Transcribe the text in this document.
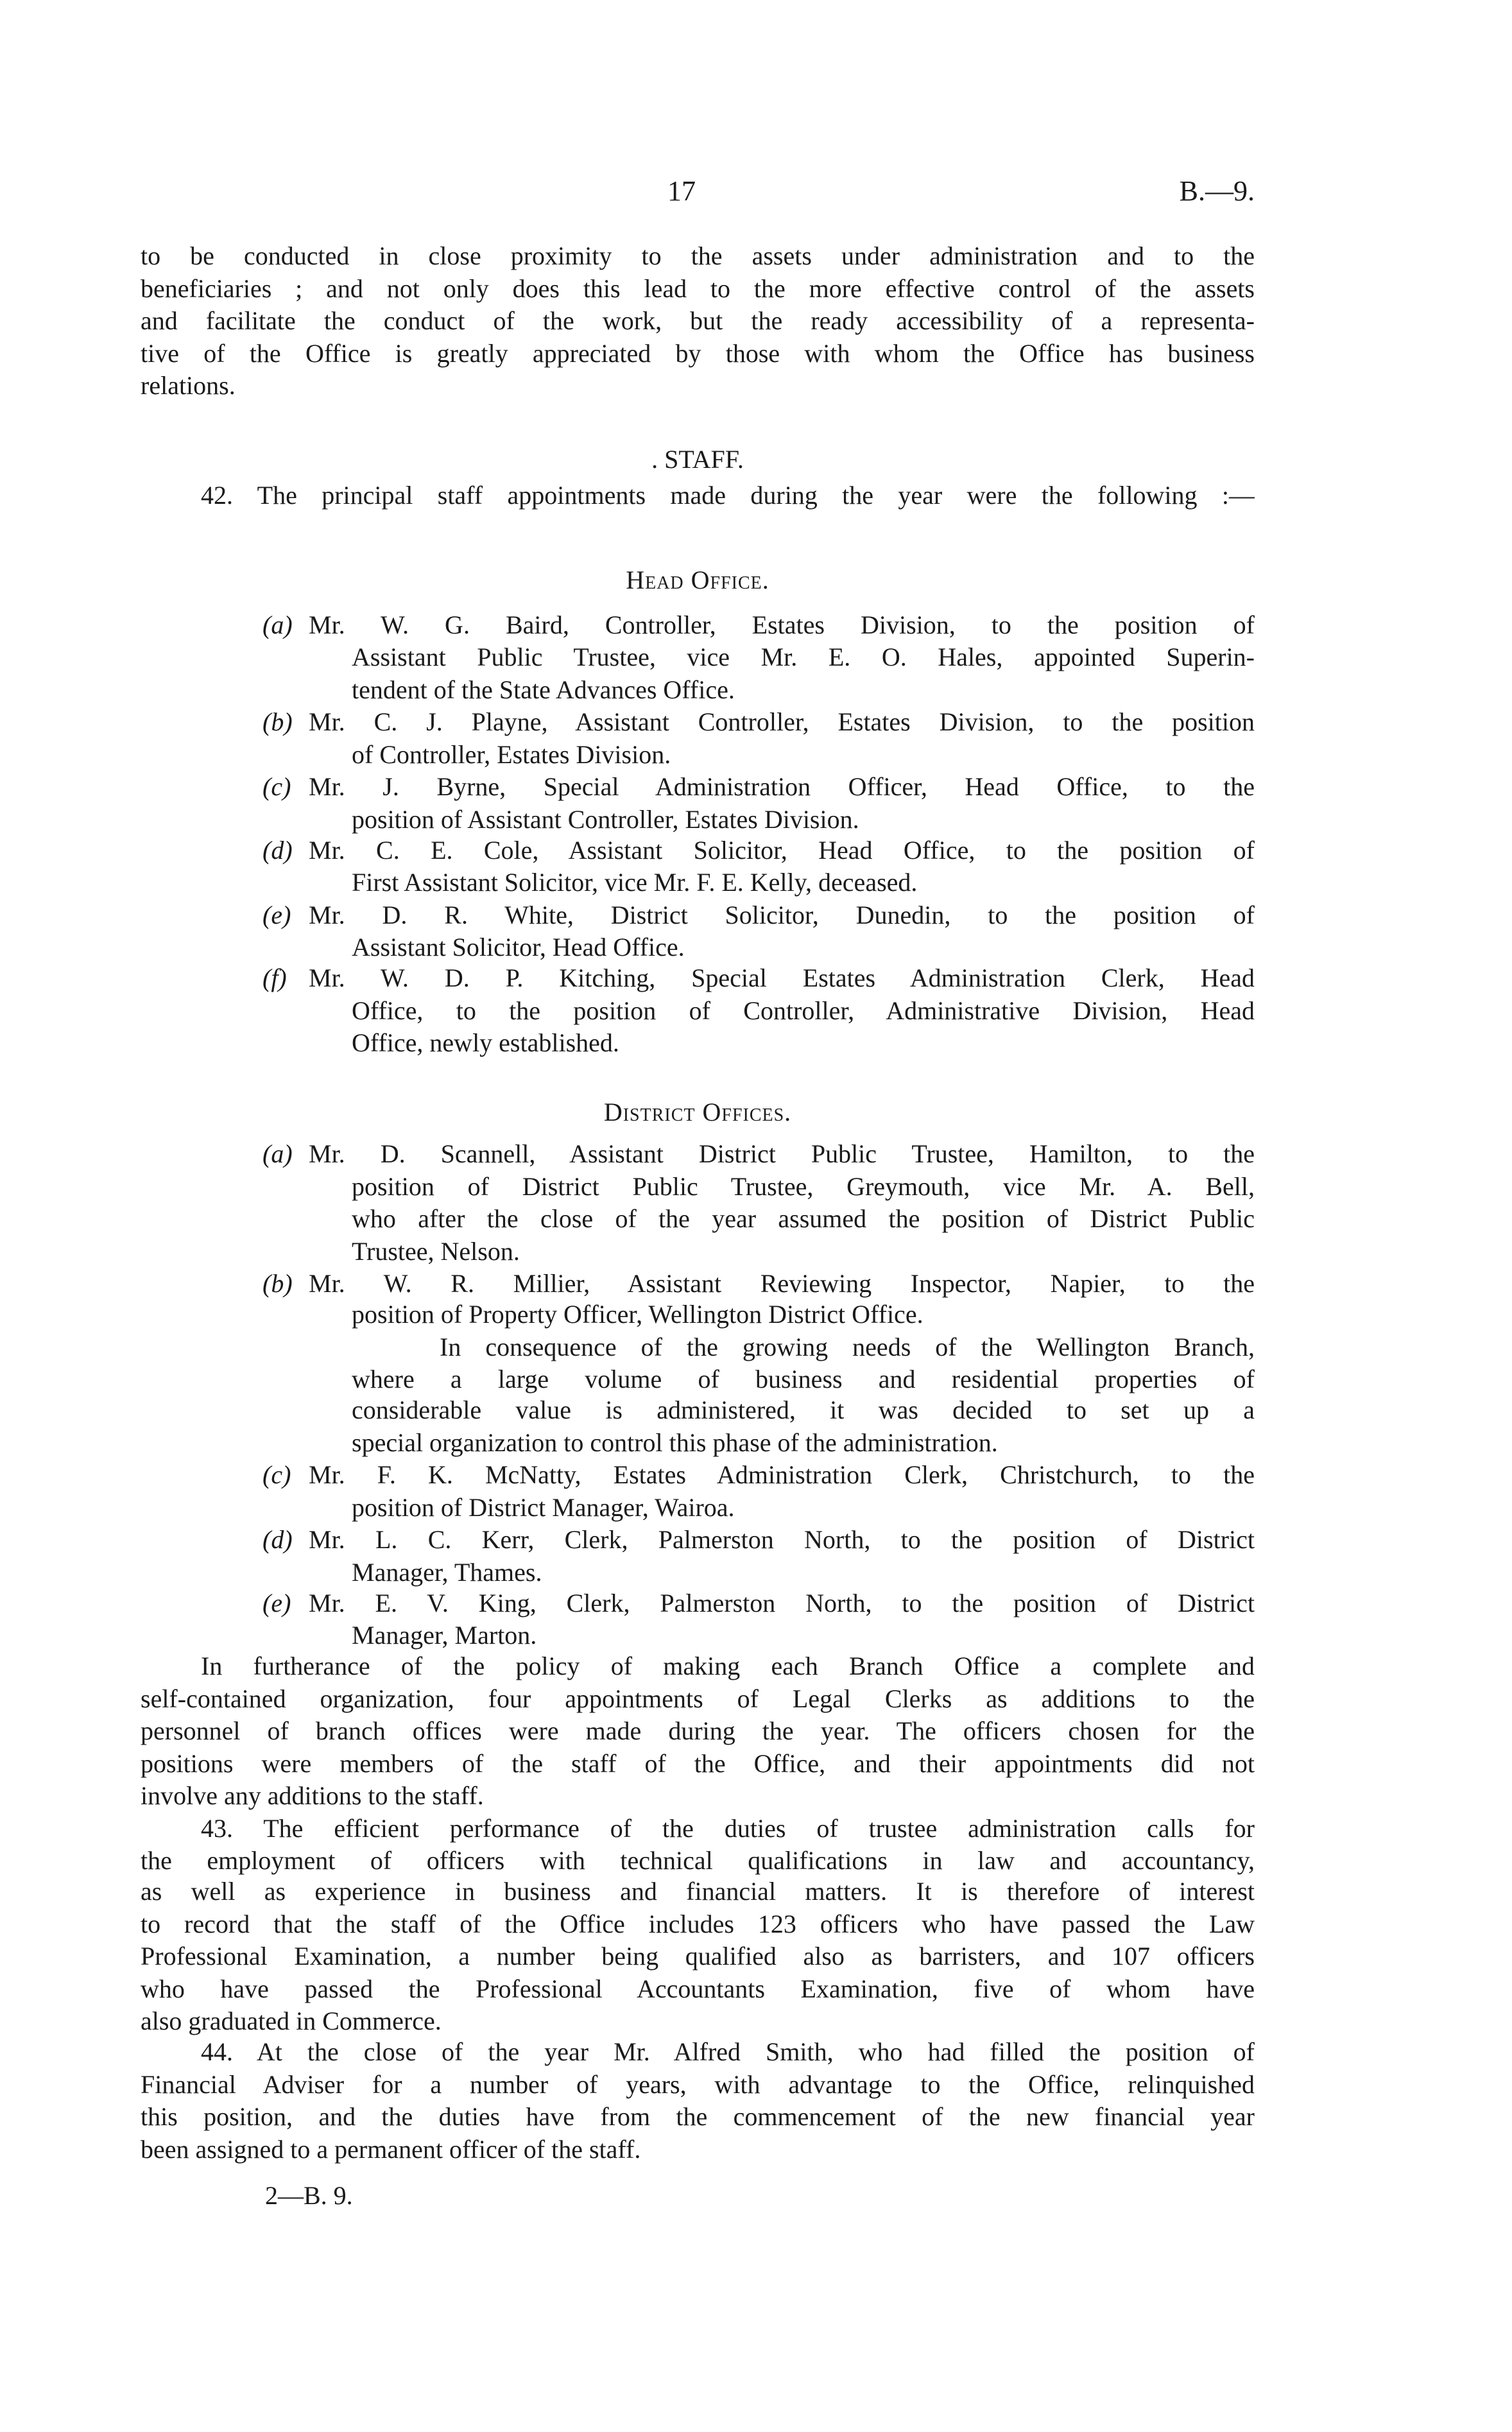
17	B.—9.
to be conducted in close proximity to the assets under administration and to the
beneficiaries ; and not only does this lead to the more effective control of the assets
and facilitate the conduct of the work, but the ready accessibility of a representa-
tive of the Office is greatly appreciated by those with whom the Office has business
relations.
. STAFF.
42. The principal staff appointments made during the year were the following :—
Head Office.
(a) Mr. W. G. Baird, Controller, Estates Division, to the position of
Assistant Public Trustee, vice Mr. E. O. Hales, appointed Superin-
tendent of the State Advances Office.
(b) Mr. C. J. Playne, Assistant Controller, Estates Division, to the position
of Controller, Estates Division.
(c) Mr. J. Byrne, Special Administration Officer, Head Office, to the
position of Assistant Controller, Estates Division.
(d) Mr. C. E. Cole, Assistant Solicitor, Head Office, to the position of
First Assistant Solicitor, vice Mr. F. E. Kelly, deceased.
(e) Mr. D. R. White, District Solicitor, Dunedin, to the position of
Assistant Solicitor, Head Office.
(f) Mr. W. D. P. Kitching, Special Estates Administration Clerk, Head
Office, to the position of Controller, Administrative Division, Head
Office, newly established.
District Offices.
(a) Mr. D. Scannell, Assistant District Public Trustee, Hamilton, to the
position of District Public Trustee, Greymouth, vice Mr. A. Bell,
who after the close of the year assumed the position of District Public
Trustee, Nelson.
(b) Mr. W. R. Millier, Assistant Reviewing Inspector, Napier, to the
position of Property Officer, Wellington District Office.
In consequence of the growing needs of the Wellington Branch,
where a large volume of business and residential properties of
considerable value is administered, it was decided to set up a
special organization to control this phase of the administration.
(c) Mr. F. K. McNatty, Estates Administration Clerk, Christchurch, to the
position of District Manager, Wairoa.
(d) Mr. L. C. Kerr, Clerk, Palmerston North, to the position of District
Manager, Thames.
(e) Mr. E. V. King, Clerk, Palmerston North, to the position of District
Manager, Marton.
In furtherance of the policy of making each Branch Office a complete and
self-contained organization, four appointments of Legal Clerks as additions to the
personnel of branch offices were made during the year. The officers chosen for the
positions were members of the staff of the Office, and their appointments did not
involve any additions to the staff.
43. The efficient performance of the duties of trustee administration calls for
the employment of officers with technical qualifications in law and accountancy,
as well as experience in business and financial matters. It is therefore of interest
to record that the staff of the Office includes 123 officers who have passed the Law
Professional Examination, a number being qualified also as barristers, and 107 officers
who have passed the Professional Accountants Examination, five of whom have
also graduated in Commerce.
44. At the close of the year Mr. Alfred Smith, who had filled the position of
Financial Adviser for a number of years, with advantage to the Office, relinquished
this position, and the duties have from the commencement of the new financial year
been assigned to a permanent officer of the staff.
2—B. 9.
